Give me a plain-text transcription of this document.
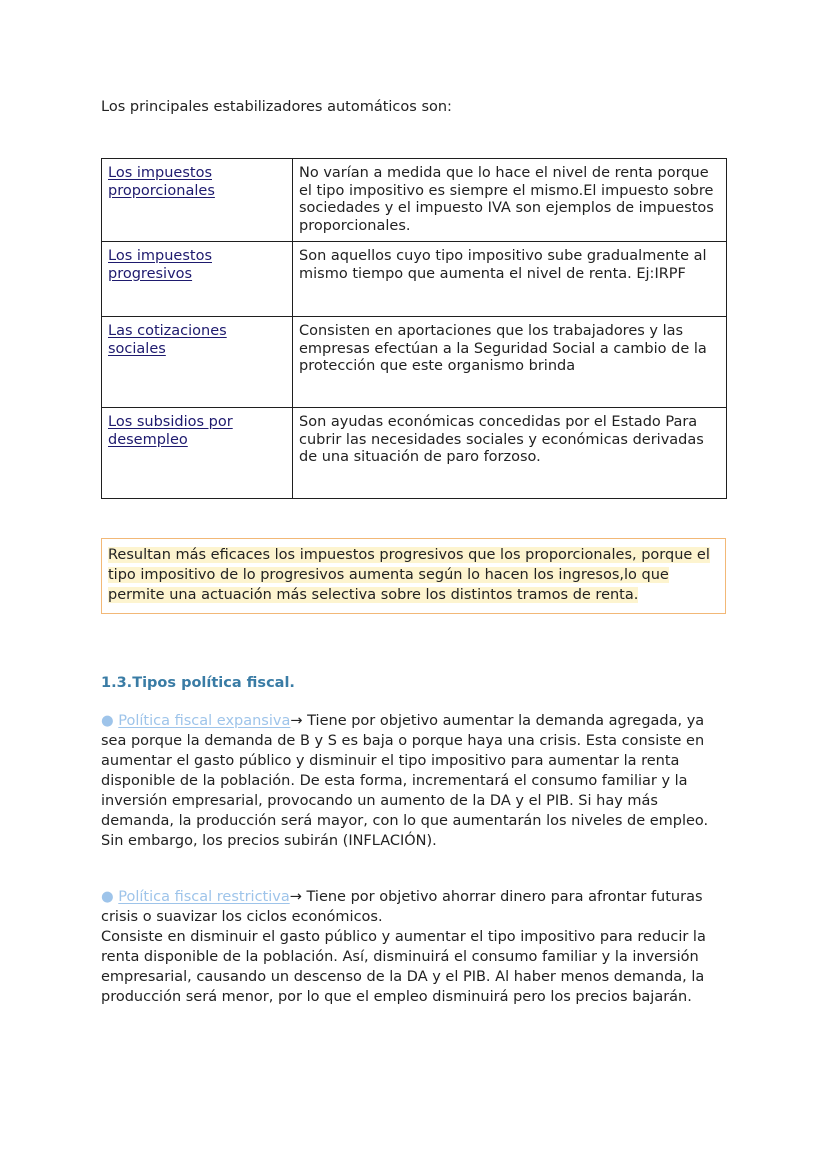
Los principales estabilizadores automáticos son:
Los impuestos proporcionales	No varían a medida que lo hace el nivel de renta porque el tipo impositivo es siempre el mismo.El impuesto sobre sociedades y el impuesto IVA son ejemplos de impuestos proporcionales.
Los impuestos progresivos	Son aquellos cuyo tipo impositivo sube gradualmente al mismo tiempo que aumenta el nivel de renta. Ej:IRPF
Las cotizaciones sociales	Consisten en aportaciones que los trabajadores y las empresas efectúan a la Seguridad Social a cambio de la protección que este organismo brinda
Los subsidios por desempleo	Son ayudas económicas concedidas por el Estado Para cubrir las necesidades sociales y económicas derivadas de una situación de paro forzoso.
Resultan más eficaces los impuestos progresivos que los proporcionales, porque el tipo impositivo de lo progresivos aumenta según lo hacen los ingresos,lo que permite una actuación más selectiva sobre los distintos tramos de renta.
1.3.Tipos política fiscal.
● Política fiscal expansiva→ Tiene por objetivo aumentar la demanda agregada, ya sea porque la demanda de B y S es baja o porque haya una crisis. Esta consiste en aumentar el gasto público y disminuir el tipo impositivo para aumentar la renta disponible de la población. De esta forma, incrementará el consumo familiar y la inversión empresarial, provocando un aumento de la DA y el PIB. Si hay más demanda, la producción será mayor, con lo que aumentarán los niveles de empleo. Sin embargo, los precios subirán (INFLACIÓN).
● Política fiscal restrictiva→ Tiene por objetivo ahorrar dinero para afrontar futuras crisis o suavizar los ciclos económicos.
Consiste en disminuir el gasto público y aumentar el tipo impositivo para reducir la renta disponible de la población. Así, disminuirá el consumo familiar y la inversión empresarial, causando un descenso de la DA y el PIB. Al haber menos demanda, la producción será menor, por lo que el empleo disminuirá pero los precios bajarán.
